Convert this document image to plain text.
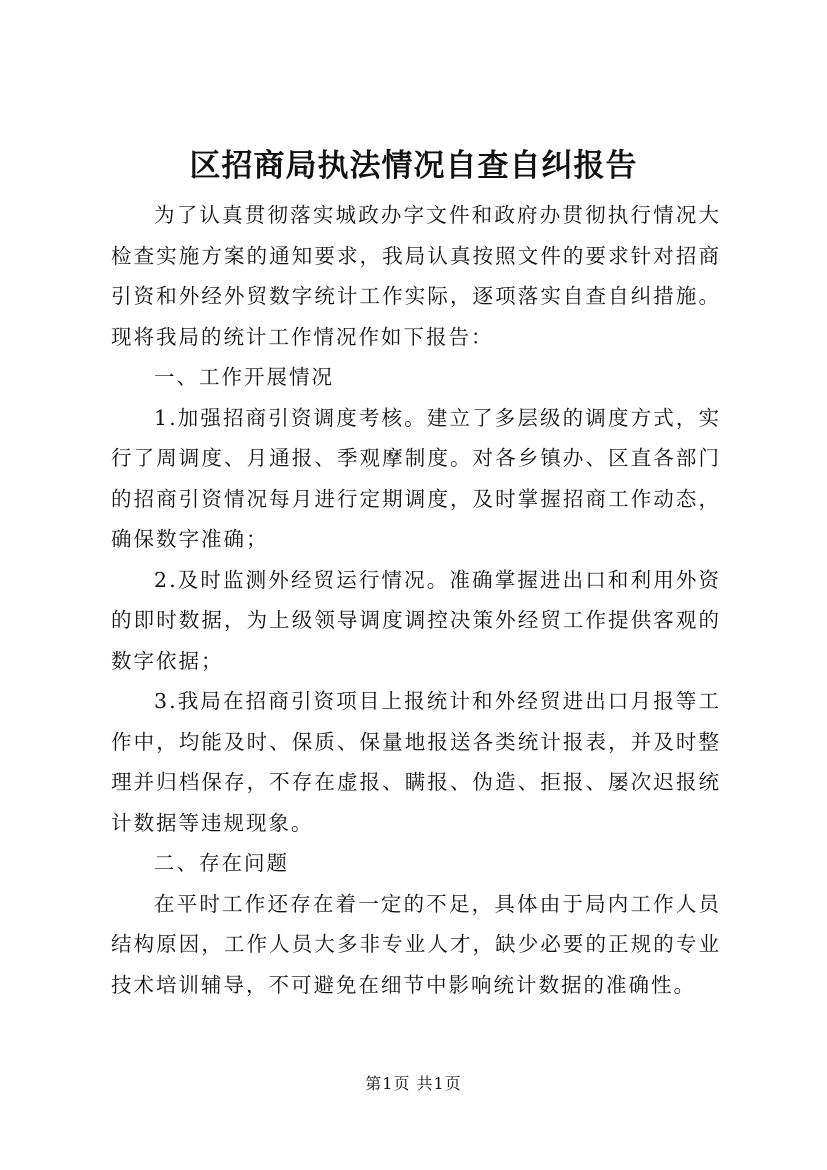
区招商局执法情况自查自纠报告

为了认真贯彻落实城政办字文件和政府办贯彻执行情况大检查实施方案的通知要求，我局认真按照文件的要求针对招商引资和外经外贸数字统计工作实际，逐项落实自查自纠措施。现将我局的统计工作情况作如下报告：

一、工作开展情况

1.加强招商引资调度考核。建立了多层级的调度方式，实行了周调度、月通报、季观摩制度。对各乡镇办、区直各部门的招商引资情况每月进行定期调度，及时掌握招商工作动态，确保数字准确；

2.及时监测外经贸运行情况。准确掌握进出口和利用外资的即时数据，为上级领导调度调控决策外经贸工作提供客观的数字依据；

3.我局在招商引资项目上报统计和外经贸进出口月报等工作中，均能及时、保质、保量地报送各类统计报表，并及时整理并归档保存，不存在虚报、瞒报、伪造、拒报、屡次迟报统计数据等违规现象。

二、存在问题

在平时工作还存在着一定的不足，具体由于局内工作人员结构原因，工作人员大多非专业人才，缺少必要的正规的专业技术培训辅导，不可避免在细节中影响统计数据的准确性。

第1页 共1页
